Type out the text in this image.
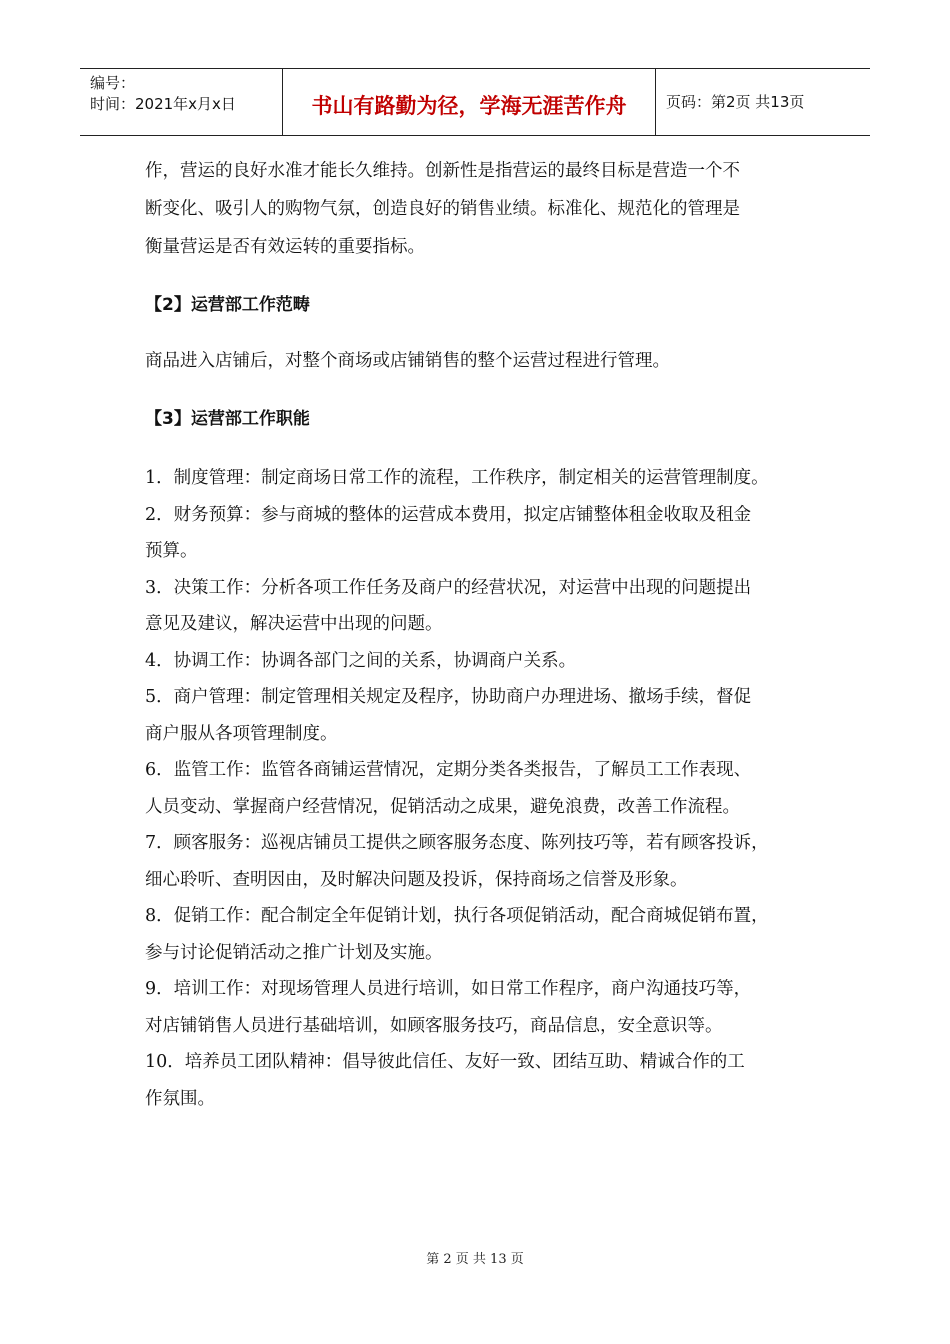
编号：
时间：2021年x月x日	书山有路勤为径，学海无涯苦作舟	页码：第2页 共13页

作，营运的良好水准才能长久维持。创新性是指营运的最终目标是营造一个不

断变化、吸引人的购物气氛，创造良好的销售业绩。标准化、规范化的管理是

衡量营运是否有效运转的重要指标。

【2】运营部工作范畴

商品进入店铺后，对整个商场或店铺销售的整个运营过程进行管理。

【3】运营部工作职能

1．制度管理：制定商场日常工作的流程，工作秩序，制定相关的运营管理制度。

2．财务预算：参与商城的整体的运营成本费用，拟定店铺整体租金收取及租金

预算。

3．决策工作：分析各项工作任务及商户的经营状况，对运营中出现的问题提出

意见及建议，解决运营中出现的问题。

4．协调工作：协调各部门之间的关系，协调商户关系。

5．商户管理：制定管理相关规定及程序，协助商户办理进场、撤场手续，督促

商户服从各项管理制度。

6．监管工作：监管各商铺运营情况，定期分类各类报告，了解员工工作表现、

人员变动、掌握商户经营情况，促销活动之成果，避免浪费，改善工作流程。

7．顾客服务：巡视店铺员工提供之顾客服务态度、陈列技巧等，若有顾客投诉，

细心聆听、查明因由，及时解决问题及投诉，保持商场之信誉及形象。

8．促销工作：配合制定全年促销计划，执行各项促销活动，配合商城促销布置，

参与讨论促销活动之推广计划及实施。

9．培训工作：对现场管理人员进行培训，如日常工作程序，商户沟通技巧等，

对店铺销售人员进行基础培训，如顾客服务技巧，商品信息，安全意识等。

10．培养员工团队精神：倡导彼此信任、友好一致、团结互助、精诚合作的工

作氛围。

第 2 页 共 13 页
